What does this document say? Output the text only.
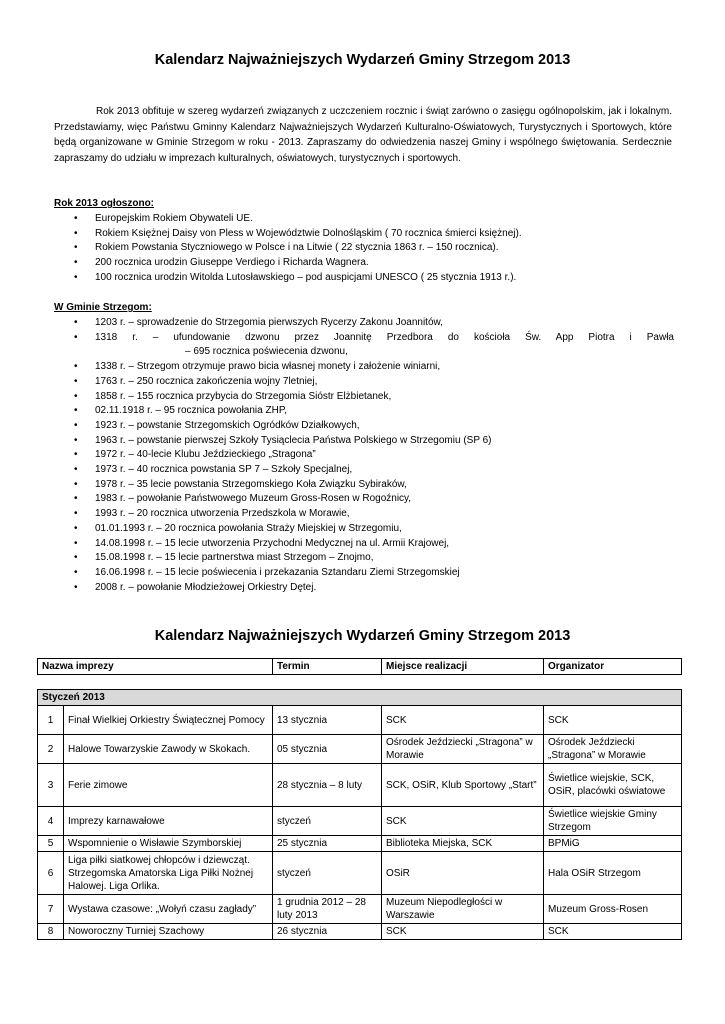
Kalendarz Najważniejszych Wydarzeń Gminy Strzegom 2013

Rok 2013 obfituje w szereg wydarzeń związanych z uczczeniem rocznic i świąt zarówno o zasięgu ogólnopolskim, jak i lokalnym. Przedstawiamy, więc Państwu Gminny Kalendarz Najważniejszych Wydarzeń Kulturalno-Oświatowych, Turystycznych i Sportowych, które będą organizowane w Gminie Strzegom w roku - 2013. Zapraszamy do odwiedzenia naszej Gminy i wspólnego świętowania. Serdecznie zapraszamy do udziału w imprezach kulturalnych, oświatowych, turystycznych i sportowych.

Rok 2013 ogłoszono:
• Europejskim Rokiem Obywateli UE.
• Rokiem Księżnej Daisy von Pless w Województwie Dolnośląskim ( 70 rocznica śmierci księżnej).
• Rokiem Powstania Styczniowego w Polsce i na Litwie ( 22 stycznia 1863 r. – 150 rocznica).
• 200 rocznica urodzin Giuseppe Verdiego i Richarda Wagnera.
• 100 rocznica urodzin Witolda Lutosławskiego – pod auspicjami UNESCO ( 25 stycznia 1913 r.).
W Gminie Strzegom:
• 1203 r. – sprowadzenie do Strzegomia pierwszych Rycerzy Zakonu Joannitów,
• 1318 r. – ufundowanie dzwonu przez Joannitę Przedbora do kościoła Św. App Piotra i Pawła
– 695 rocznica poświecenia dzwonu,
• 1338 r. – Strzegom otrzymuje prawo bicia własnej monety i założenie winiarni,
• 1763 r. – 250 rocznica zakończenia wojny 7letniej,
• 1858 r. – 155 rocznica przybycia do Strzegomia Sióstr Elżbietanek,
• 02.11.1918 r. – 95 rocznica powołania ZHP,
• 1923 r. – powstanie Strzegomskich Ogródków Działkowych,
• 1963 r. – powstanie pierwszej Szkoły Tysiąclecia Państwa Polskiego w Strzegomiu (SP 6)
• 1972 r. – 40-lecie Klubu Jeździeckiego „Stragona”
• 1973 r. – 40 rocznica powstania SP 7 – Szkoły Specjalnej,
• 1978 r. – 35 lecie powstania Strzegomskiego Koła Związku Sybiraków,
• 1983 r. – powołanie Państwowego Muzeum Gross-Rosen w Rogoźnicy,
• 1993 r. – 20 rocznica utworzenia Przedszkola w Morawie,
• 01.01.1993 r. – 20 rocznica powołania Straży Miejskiej w Strzegomiu,
• 14.08.1998 r. – 15 lecie utworzenia Przychodni Medycznej na ul. Armii Krajowej,
• 15.08.1998 r. – 15 lecie partnerstwa miast Strzegom – Znojmo,
• 16.06.1998 r. – 15 lecie poświecenia i przekazania Sztandaru Ziemi Strzegomskiej
• 2008 r. – powołanie Młodzieżowej Orkiestry Dętej.
Kalendarz Najważniejszych Wydarzeń Gminy Strzegom 2013
Nazwa imprezy	Termin	Miejsce realizacji	Organizator
Styczeń 2013				
1	Finał Wielkiej Orkiestry Świątecznej Pomocy	13 stycznia	SCK	SCK
2	Halowe Towarzyskie Zawody w Skokach.	05 stycznia	Ośrodek Jeździecki „Stragona” w Morawie	Ośrodek Jeździecki „Stragona” w Morawie
3	Ferie zimowe	28 stycznia – 8 luty	SCK, OSiR, Klub Sportowy „Start”	Świetlice wiejskie, SCK, OSiR, placówki oświatowe
4	Imprezy karnawałowe	styczeń	SCK	Świetlice wiejskie Gminy Strzegom
5	Wspomnienie o Wisławie Szymborskiej	25 stycznia	Biblioteka Miejska, SCK	BPMiG
6	Liga piłki siatkowej chłopców i dziewcząt. Strzegomska Amatorska Liga Piłki Nożnej Halowej. Liga Orlika.	styczeń	OSiR	Hala OSiR Strzegom
7	Wystawa czasowe: „Wołyń czasu zagłady”	1 grudnia 2012 – 28 luty 2013	Muzeum Niepodległości w Warszawie	Muzeum Gross-Rosen
8	Noworoczny Turniej Szachowy	26 stycznia	SCK	SCK
